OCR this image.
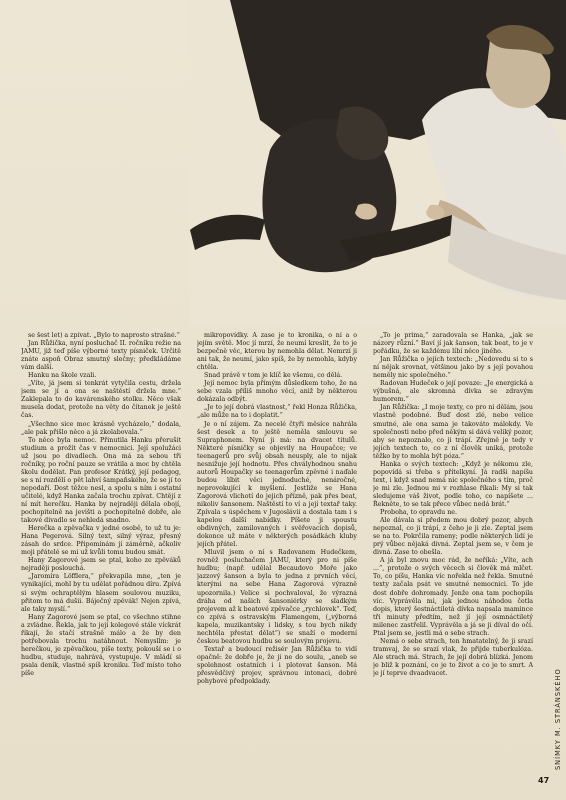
SNÍMKY M. STRÁNSKÉHO

se šest let) a zpívat. „Bylo to naprosto strašné.“

Jan Růžička, nyní posluchač II. ročníku režie na JAMU, již teď píše výborné texty písniček. Určitě znáte aspoň Obraz smutný slečny; předkládáme vám další.

Hanku na škole vzali.

„Víte, já jsem si tenkrát vytyčila cestu, držela jsem se jí a ona se naštěstí držela mne.“ Zaklepala to do kavárenského stolku. Něco však musela dodat, protože na věty do čítanek je ještě čas.

„Všechno sice moc krásně vycházelo,“ dodala, „ale pak přišlo něco a já zkolabovala.“

To něco byla nemoc. Přinutila Hanku přerušit studium a prožít čas v nemocnici. Její spolužáci už jsou po divadlech. Ona má za sebou tři ročníky, po roční pauze se vrátila a moc by chtěla školu dodělat. Pan profesor Krátký, její pedagog, se s ní rozdělí o pět lahví šampaňského, že se jí to nepodaří. Dost těžce nesl, a spolu s ním i ostatní učitelé, když Hanka začala trochu zpívat. Chtějí z ní mít herečku. Hanka by nejraději dělala obojí, pochopitelně na jevišti a pochopitelně dobře, ale takové divadlo se nehledá snadno.

Herečka a zpěvačka v jedné osobě, to už tu je: Hana Pegerová. Silný text, silný výraz, přesný zásah do srdce. Připomínám jí záměrně, ačkoliv moji přátelé se mi už kvůli tomu budou smát.

Hany Zagorové jsem se ptal, koho ze zpěváků nejraději poslouchá.

„Jaromíra Löfflera,“ překvapila mne, „ten je vynikající, mohl by tu udělat pořádnou díru. Zpívá si svým ochraptělým hlasem soulovou muziku, přitom to má dušii. Báječný zpěvák! Nejen zpívá, ale taky myslí.“

Hany Zagorové jsem se ptal, co všechno stihne a zvládne. Řekla, jak to její kolegové stále víckrát říkají, že stačí strašně málo a že by den potřebovala trochu natáhnout. Nemysllm: je herečkou, je zpěvačkou, píše texty, pokouší se i o hudbu, studuje, nahrává, vystupuje. V mládí si psala deník, vlastně spíš kroniku. Teď místo toho píše

mikropovídky. A zase je to kronika, o ní a o jejím světě. Moc jí mrzí, že neumí kreslit, že to je bezpečně věc, kterou by nemohla dělat. Nemrzí ji ani tak, že neumí, jako spíš, že by nemohla, kdyby chtěla.

Snad právě v tom je klíč ke všemu, co dělá.

Její nemoc byla přímým důsledkem toho, že na sebe vzala příliš mnoho věcí, aniž by některou dokázala odbýt.

„Je to její dobrá vlastnost,“ řekl Honza Růžička, „ale může na to i doplatit.“

Je o ní zájem. Za necelé čtyři měsíce nahrála šest desek a to ještě neměla smlouvu se Supraphonem. Nyní ji má: na dvacet titulů. Některé písničky se objevily na Houpačce; ve teenagerů pro svůj obsah neusply, ale to nijak nesnižuje její hodnotu. Přes chvályhodnou snahu autorů Houpačky se teenagerům zpěvné i naďale budou líbit věci jednoduché, nenáročné, neprovokující k myšlení. Jestliže se Hana Zagorová vlichotí do jejich přízně, pak přes beat, nikoliv šansonem. Naštěstí to ví a její textař taky. Zpívala s úspěchem v Jugoslávii a dostala tam i s kapelou další nabídky. Píšete ji spoustu obdivných, zamilovaných i svěřovacích dopisů, dokonce už máte v některých posádkách kluby jejích přátel.

Mluvil jsem o ní s Radovanem Hudečkem, rovněž posluchačem JAMU, který pro ni píše hudbu; (např. udělal Becaudovo Moře jako jazzový šanson a byla to jedna z prvních věcí, kterými na sebe Hana Zagorová výrazně upozornila.) Velice si pochvaloval, že výrazná dráha od našich šansoniérky se sladkým projevem až k beatové zpěvačce „rychlovek“. Teď, co zpívá s ostravským Flamengem, („výborná kapela, muzikantsky i lidsky, s tou bych nikdy nechtěla přestat dělat“) se snaží o moderní českou beatovou hudbu se soulovým projevu.

Textař a budoucí režisér Jan Růžička to vidí opačně: že dobře je, že ji ne do soulu, „aneb se spolehnost ostatních i i plotovat šanson. Má přesvědčivý projev, správnou intonaci, dobré pohybové předpoklady.

„To je prima,“ zaradovala se Hanka, „jak se názory různí.“ Baví jí jak šanson, tak beat, to je v pořádku, že se každému líbí něco jiného.

Jan Růžička o jejích textech: „Nedovedu si to s ní nějak srovnat, většinou jako by s její povahou neměly nic společného.“

Radovan Hudeček o její povaze: „Je energická a výbušná, ale skromná dívka se zdravým humorem.“

Jan Růžička: „I moje texty, co pro ni dělám, jsou vlastně podobné. Buď dost zlé, nebo velice smutné, ale ona sama je takováto málokdy. Ve společnosti nebo před někým si dává veliký pozor, aby se nepoznalo, co ji trápí. Zřejmě je tedy v jejích textech to, co z ní člověk uniká, protože těžko by to mohla být póza.“

Hanka o svých textech: „Když je někomu zle, popovídá si třeba s přítelkyní. Já radši napíšu text, i když snad nemá nic společného s tím, proč je mi zle. Jednou mi v rozhlase říkali: My si tak sledujeme váš život, podle toho, co napíšete ... Řekněte, to se tak přece vůbec nedá brát.“

Proboha, to opravdu ne.

Ale dávala si předem mou dobrý pozor, abych nepoznal, co ji trápí, z čeho je ji zle. Zeptal jsem se na to. Pokrčila rameny; podle některých lidí je prý vůbec nějaká divná. Zeptal jsem se, v čem je divná. Zase to obešla.

A já byl znovu moc rád, že neříká: „Víte, ach ...“, protože o svých věcech si člověk má mlčet. To, co píšu, Hanka víc nořekla než řekla. Smutné texty začala psát ve smutné nemocnici. To jde dost dobře dohromady. Jenže ona tam pochopila víc. Vyprávěla mi, jak jednou náhodou četla dopis, který šestnáctiletá dívka napsala mamince tři minuty předtím, než jí její osmnáctiletý milenec zastřelil. Vyprávěla a já se ji díval do očí. Ptal jsem se, jestli má o sebe strach.

Nemá o sebe strach, ten hmatatelný, že ji srazí tramvaj, že se srazí vlak, že přijde tuberkulóza. Ale strach má. Strach, že její dobrá blízká. Jenom je bliž k poznání, co je to život a co je to smrt. A je jí teprve dvaadvacet.

47
